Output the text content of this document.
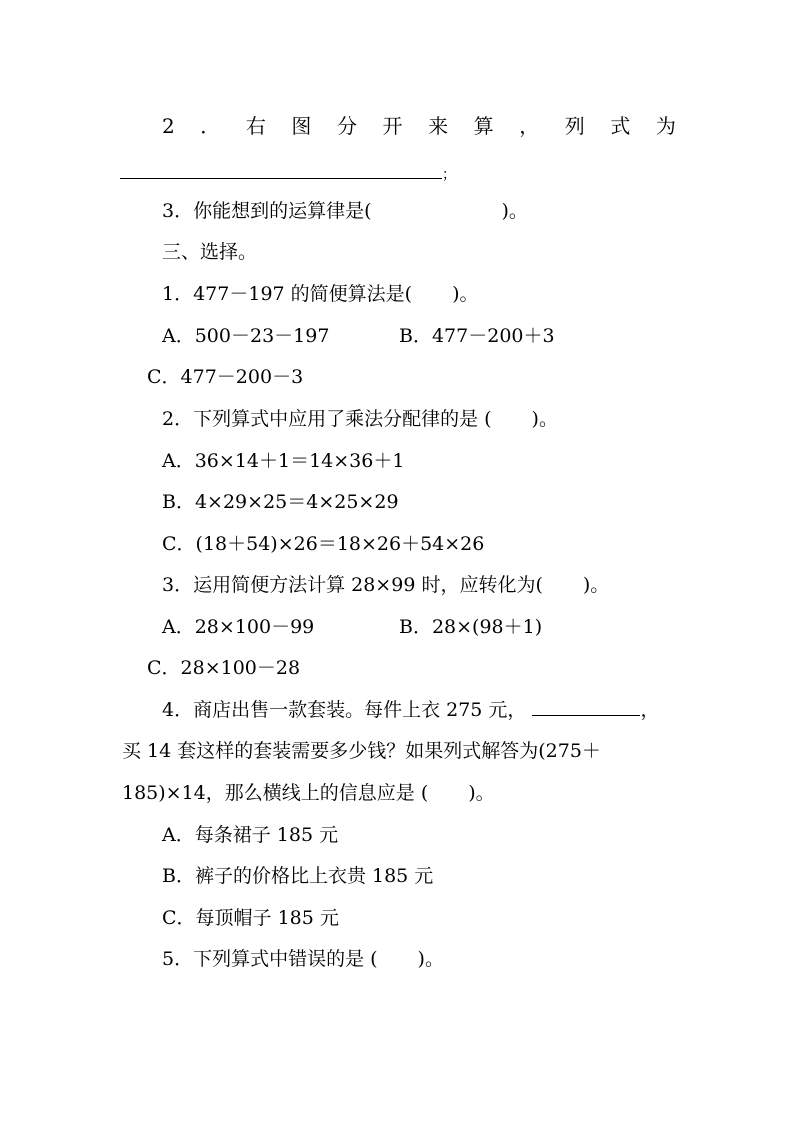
2 ． 右 图 分 开 来 算 ， 列 式 为
；
3．你能想到的运算律是(	)。
三、选择。
1．477－197 的简便算法是( )。
A．500－23－197	B．477－200＋3
C．477－200－3
2．下列算式中应用了乘法分配律的是 ( )。
A．36×14＋1＝14×36＋1
B．4×29×25＝4×25×29
C．(18＋54)×26＝18×26＋54×26
3．运用简便方法计算 28×99 时，应转化为( )。
A．28×100－99	B．28×(98＋1)
C．28×100－28
4．商店出售一款套装。每件上衣 275 元，	，
买 14 套这样的套装需要多少钱？如果列式解答为(275＋
185)×14，那么横线上的信息应是 ( )。
A．每条裙子 185 元
B．裤子的价格比上衣贵 185 元
C．每顶帽子 185 元
5．下列算式中错误的是 ( )。
